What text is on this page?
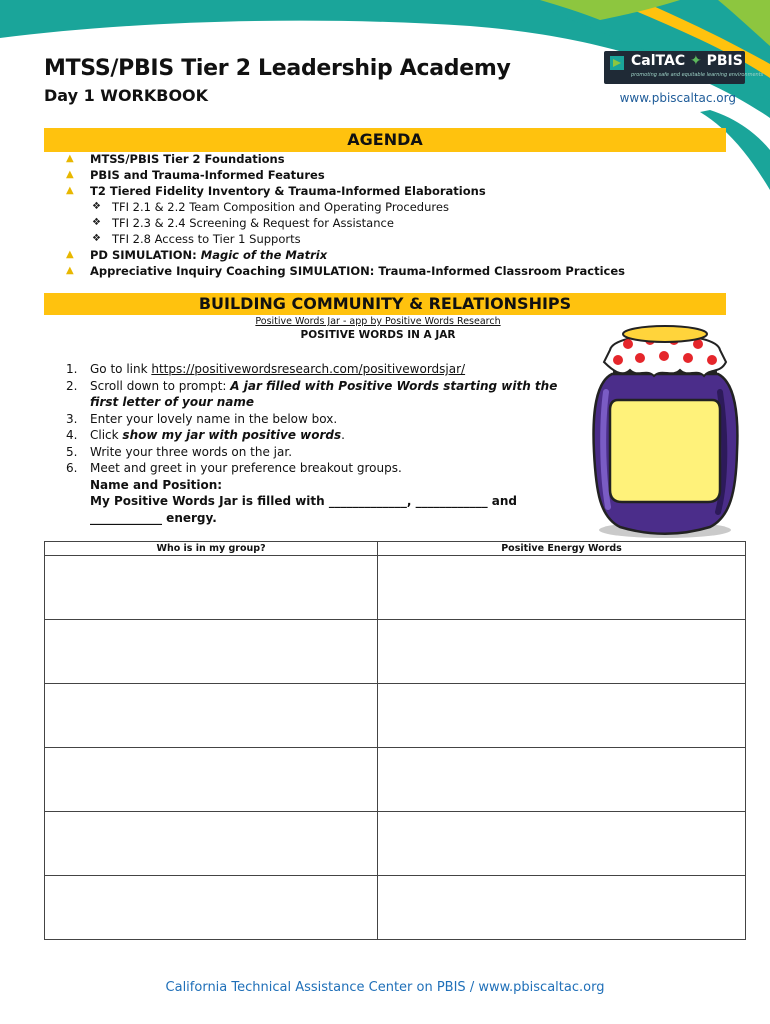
MTSS/PBIS Tier 2 Leadership Academy
Day 1 WORKBOOK
CalTAC ✦ PBIS
promoting safe and equitable learning environments
www.pbiscaltac.org
AGENDA
▲ MTSS/PBIS Tier 2 Foundations
▲ PBIS and Trauma-Informed Features
▲ T2 Tiered Fidelity Inventory & Trauma-Informed Elaborations
❖ TFI 2.1 & 2.2 Team Composition and Operating Procedures
❖ TFI 2.3 & 2.4 Screening & Request for Assistance
❖ TFI 2.8 Access to Tier 1 Supports
▲ PD SIMULATION: Magic of the Matrix
▲ Appreciative Inquiry Coaching SIMULATION: Trauma-Informed Classroom Practices
BUILDING COMMUNITY & RELATIONSHIPS
Positive Words Jar - app by Positive Words Research
POSITIVE WORDS IN A JAR
1. Go to link https://positivewordsresearch.com/positivewordsjar/
2. Scroll down to prompt: A jar filled with Positive Words starting with the first letter of your name
3. Enter your lovely name in the below box.
4. Click show my jar with positive words.
5. Write your three words on the jar.
6. Meet and greet in your preference breakout groups.
Name and Position:
My Positive Words Jar is filled with _____________, ____________ and ____________ energy.
Who is in my group?	Positive Energy Words

California Technical Assistance Center on PBIS / www.pbiscaltac.org
